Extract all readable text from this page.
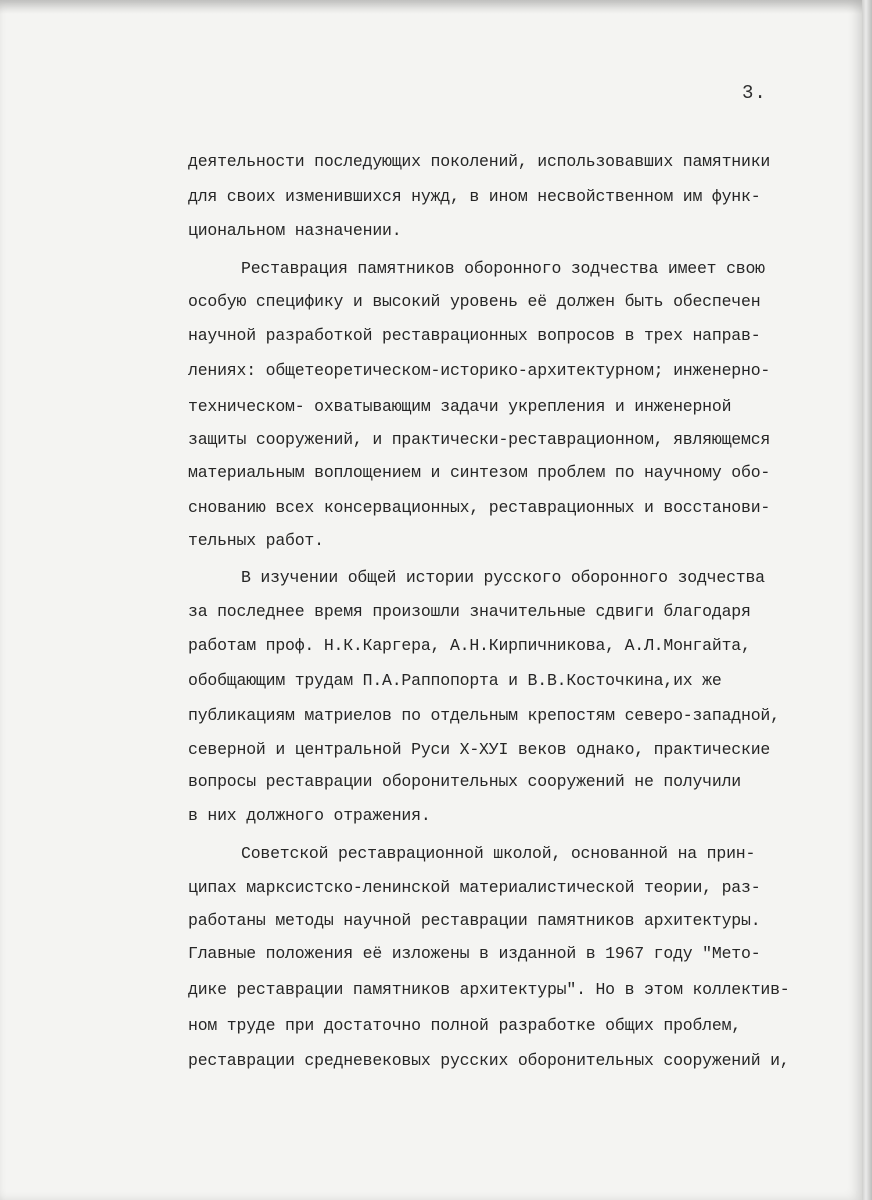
3.
деятельности последующих поколений, использовавших памятники
для своих изменившихся нужд, в ином несвойственном им функ-
циональном назначении.
Реставрация памятников оборонного зодчества имеет свою
особую специфику и высокий уровень её должен быть обеспечен
научной разработкой реставрационных вопросов в трех направ-
лениях: общетеоретическом-историко-архитектурном; инженерно-
техническом- охватывающим задачи укрепления и инженерной
защиты сооружений, и практически-реставрационном, являющемся
материальным воплощением и синтезом проблем по научному обо-
снованию всех консервационных, реставрационных и восстанови-
тельных работ.
В изучении общей истории русского оборонного зодчества
за последнее время произошли значительные сдвиги благодаря
работам проф. Н.К.Каргера, А.Н.Кирпичникова, А.Л.Монгайта,
обобщающим трудам П.А.Раппопорта и В.В.Косточкина,их же
публикациям матриелов по отдельным крепостям северо-западной,
северной и центральной Руси Х-ХУI веков однако, практические
вопросы реставрации оборонительных сооружений не получили
в них должного отражения.
Советской реставрационной школой, основанной на прин-
ципах марксистско-ленинской материалистической теории, раз-
работаны методы научной реставрации памятников архитектуры.
Главные положения её изложены в изданной в 1967 году "Мето-
дике реставрации памятников архитектуры". Но в этом коллектив-
ном труде при достаточно полной разработке общих проблем,
реставрации средневековых русских оборонительных сооружений и,
